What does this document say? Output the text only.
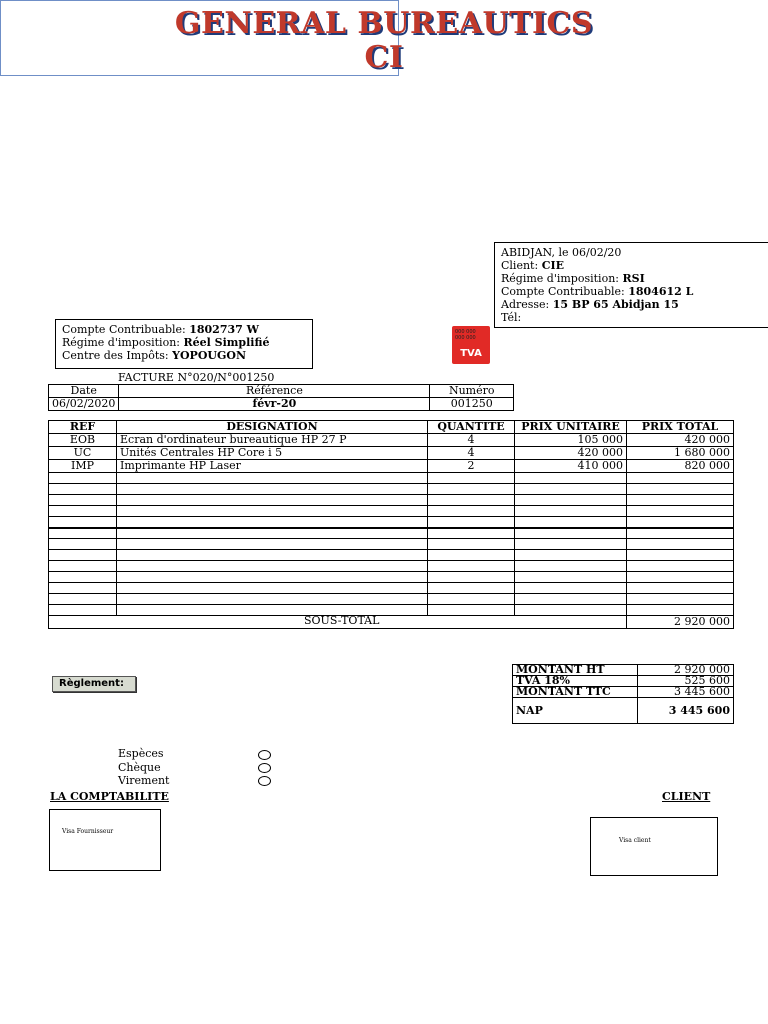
GENERAL BUREAUTICS
CI
Compte Contribuable: 1802737 W
Régime d'imposition: Réel Simplifié
Centre des Impôts: YOPOUGON
ABIDJAN, le 06/02/20
Client: CIE
Régime d'imposition: RSI
Compte Contribuable: 1804612 L
Adresse: 15 BP 65 Abidjan 15
Tél:
000 000
000 000
TVA
FACTURE N°020/N°001250
Date	Référence	Numéro
06/02/2020	févr-20	001250
REF	DESIGNATION	QUANTITE	PRIX UNITAIRE	PRIX TOTAL
EOB	Ecran d'ordinateur bureautique HP 27 P	4	105 000	420 000
UC	Unités Centrales HP Core i 5	4	420 000	1 680 000
IMP	Imprimante HP Laser	2	410 000	820 000

SOUS-TOTAL				2 920 000
MONTANT HT	2 920 000
TVA 18%	525 600
MONTANT TTC	3 445 600
NAP	3 445 600
Règlement:
Espèces
Chèque
Virement
LA COMPTABILITE
Visa Fournisseur
CLIENT
Visa client
